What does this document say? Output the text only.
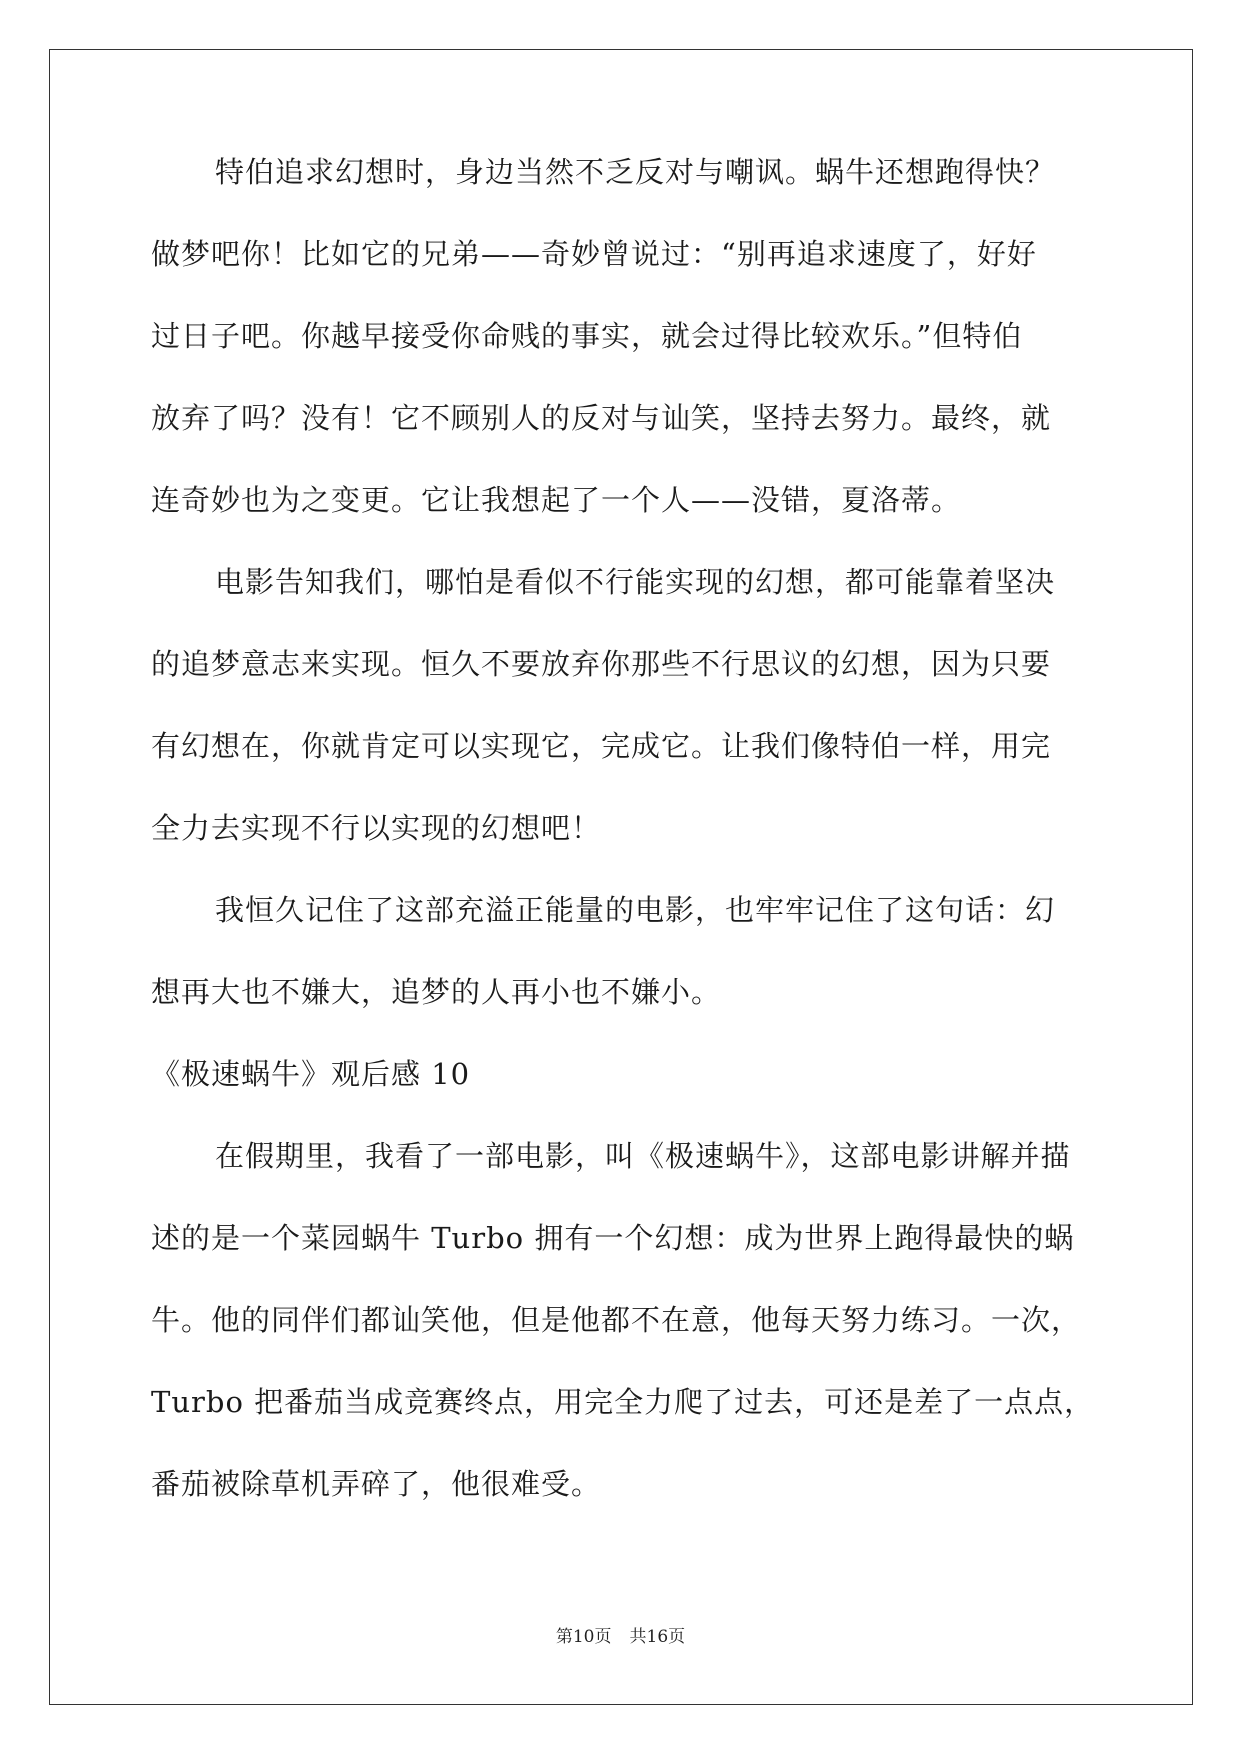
特伯追求幻想时，身边当然不乏反对与嘲讽。蜗牛还想跑得快？
做梦吧你！比如它的兄弟——奇妙曾说过：“别再追求速度了，好好
过日子吧。你越早接受你命贱的事实，就会过得比较欢乐。”但特伯
放弃了吗？没有！它不顾别人的反对与讪笑，坚持去努力。最终，就
连奇妙也为之变更。它让我想起了一个人——没错，夏洛蒂。
电影告知我们，哪怕是看似不行能实现的幻想，都可能靠着坚决
的追梦意志来实现。恒久不要放弃你那些不行思议的幻想，因为只要
有幻想在，你就肯定可以实现它，完成它。让我们像特伯一样，用完
全力去实现不行以实现的幻想吧！
我恒久记住了这部充溢正能量的电影，也牢牢记住了这句话：幻
想再大也不嫌大，追梦的人再小也不嫌小。
《极速蜗牛》观后感 10
在假期里，我看了一部电影，叫《极速蜗牛》，这部电影讲解并描
述的是一个菜园蜗牛 Turbo 拥有一个幻想：成为世界上跑得最快的蜗
牛。他的同伴们都讪笑他，但是他都不在意，他每天努力练习。一次，
Turbo 把番茄当成竞赛终点，用完全力爬了过去，可还是差了一点点，
番茄被除草机弄碎了，他很难受。
第10页 共16页
